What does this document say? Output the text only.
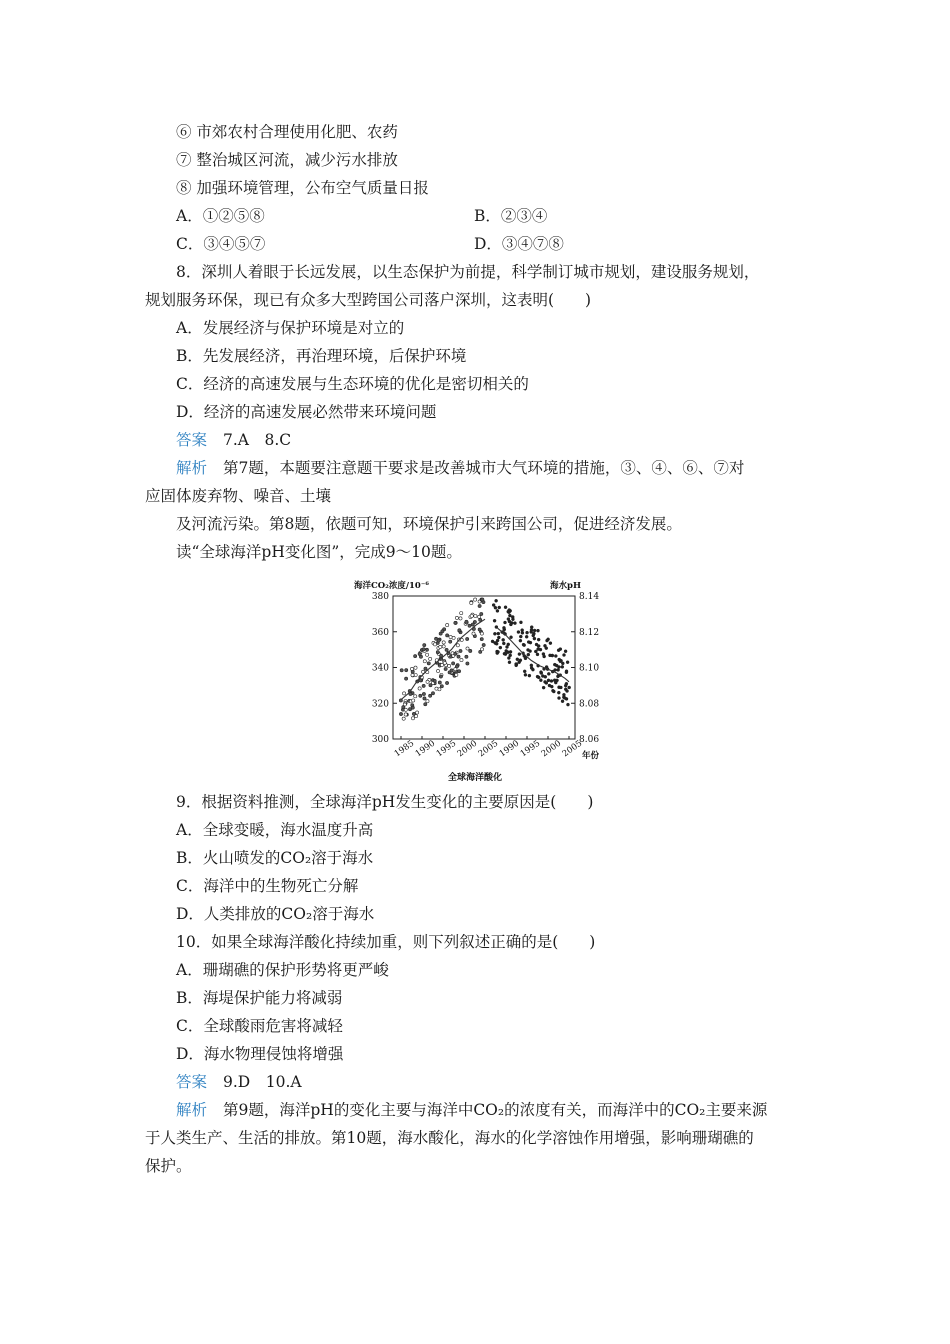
⑥ 市郊农村合理使用化肥、农药
⑦ 整治城区河流，减少污水排放
⑧ 加强环境管理，公布空气质量日报
A．①②⑤⑧	B．②③④
C．③④⑤⑦	D．③④⑦⑧
8．深圳人着眼于长远发展，以生态保护为前提，科学制订城市规划，建设服务规划，
规划服务环保，现已有众多大型跨国公司落户深圳，这表明(　　)
A．发展经济与保护环境是对立的
B．先发展经济，再治理环境，后保护环境
C．经济的高速发展与生态环境的优化是密切相关的
D．经济的高速发展必然带来环境问题
答案 7.A　8.C
解析 第7题，本题要注意题干要求是改善城市大气环境的措施，③、④、⑥、⑦对
应固体废弃物、噪音、土壤
及河流污染。第8题，依题可知，环境保护引来跨国公司，促进经济发展。
读“全球海洋pH变化图”，完成9～10题。
海洋CO₂浓度/10⁻⁶	海水pH
380
360
340
320
300
8.14
8.12
8.10
8.08
8.06
1985
1990
1995
2000
2005
1990
1995
2000
2005
年份
全球海洋酸化
9．根据资料推测，全球海洋pH发生变化的主要原因是(　　)
A．全球变暖，海水温度升高
B．火山喷发的CO₂溶于海水
C．海洋中的生物死亡分解
D．人类排放的CO₂溶于海水
10．如果全球海洋酸化持续加重，则下列叙述正确的是(　　)
A．珊瑚礁的保护形势将更严峻
B．海堤保护能力将减弱
C．全球酸雨危害将减轻
D．海水物理侵蚀将增强
答案 9.D　10.A
解析 第9题，海洋pH的变化主要与海洋中CO₂的浓度有关，而海洋中的CO₂主要来源
于人类生产、生活的排放。第10题，海水酸化，海水的化学溶蚀作用增强，影响珊瑚礁的
保护。
